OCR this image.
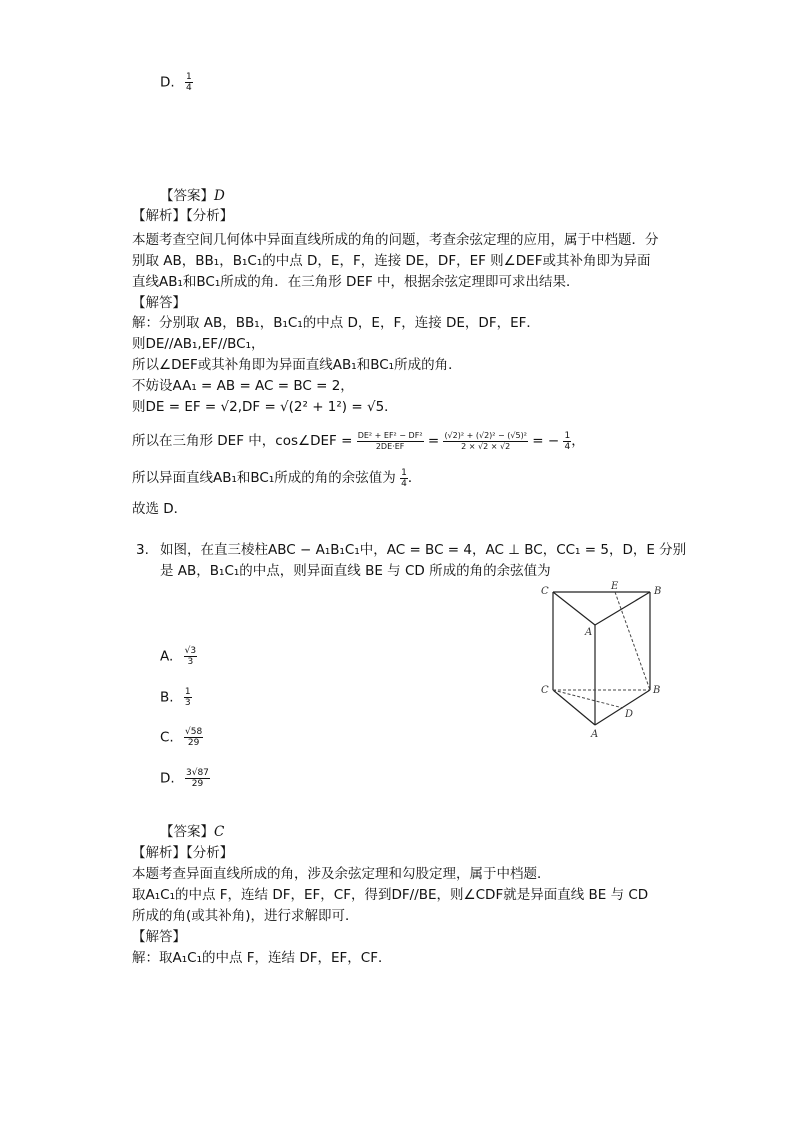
D. $\frac{1}{4}$
【答案】D
【解析】【分析】
本题考查空间几何体中异面直线所成的角的问题，考查余弦定理的应用，属于中档题．分
别取 AB，BB₁，B₁C₁的中点 D，E，F，连接 DE，DF，EF 则∠DEF或其补角即为异面
直线AB₁和BC₁所成的角．在三角形 DEF 中，根据余弦定理即可求出结果．
【解答】
解：分别取 AB，BB₁，B₁C₁的中点 D，E，F，连接 DE，DF，EF．
则DE//AB₁,EF//BC₁，
所以∠DEF或其补角即为异面直线AB₁和BC₁所成的角．
不妨设AA₁ = AB = AC = BC = 2，
则DE = EF = √2,DF = √(2² + 1²) = √5．
所以在三角形 DEF 中，cos∠DEF = $\frac{\text{DE² + EF² − DF²}}{2DE\cdot EF} = \frac{\text{(√2)² + (√2)² − (√5)²}}{2 \times √2 \times √2}$ = − $\frac{1}{4}$ ，
所以异面直线AB₁和BC₁所成的角的余弦值为 $\frac{1}{4}$ ．
故选 D．
3. 如图，在直三棱柱ABC − A₁B₁C₁中，AC = BC = 4，AC ⊥ BC，CC₁ = 5，D，E 分别
是 AB，B₁C₁的中点，则异面直线 BE 与 CD 所成的角的余弦值为
A. $\frac{√3}{3}$
B. $\frac{1}{3}$
C. $\frac{√58}{29}$
D. $\frac{3√87}{29}$
C	E	B
A
C	B
D
A
【答案】C
【解析】【分析】
本题考查异面直线所成的角，涉及余弦定理和勾股定理，属于中档题．
取A₁C₁的中点 F，连结 DF，EF，CF，得到DF//BE，则∠CDF就是异面直线 BE 与 CD
所成的角(或其补角)，进行求解即可．
【解答】
解：取A₁C₁的中点 F，连结 DF，EF，CF．
